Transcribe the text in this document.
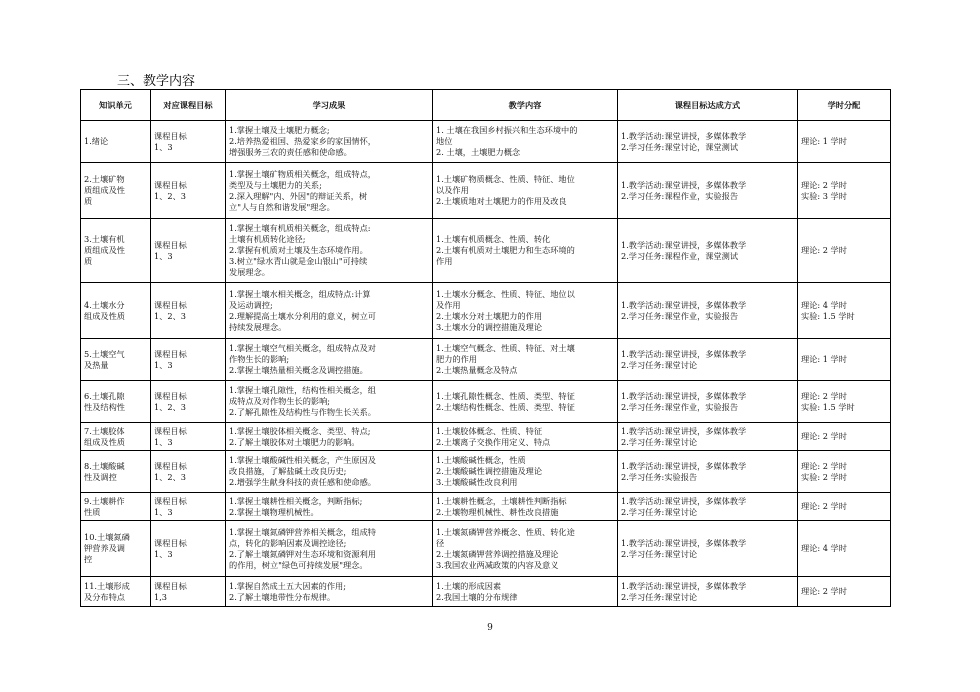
三、教学内容
知识单元	对应课程目标	学习成果	教学内容	课程目标达成方式	学时分配

1.绪论	课程目标
1、3	1.掌握土壤及土壤肥力概念;
2.培养热爱祖国、热爱家乡的家国情怀，
增强服务三农的责任感和使命感。	1. 土壤在我国乡村振兴和生态环境中的
地位
2. 土壤，土壤肥力概念	1.教学活动:课堂讲授，多媒体教学
2.学习任务:课堂讨论，课堂测试	理论: 1 学时

2.土壤矿物
质组成及性
质	课程目标
1、2、3	1.掌握土壤矿物质相关概念，组成特点，
类型及与土壤肥力的关系;
2.深入理解"内、外因"的辩证关系，树
立"人与自然和谐发展"理念。	1.土壤矿物质概念、性质、特征、地位
以及作用
2.土壤质地对土壤肥力的作用及改良	1.教学活动:课堂讲授，多媒体教学
2.学习任务:课程作业，实验报告	理论: 2 学时
实验: 3 学时

3.土壤有机
质组成及性
质	课程目标
1、3	1.掌握土壤有机质相关概念，组成特点:
土壤有机质转化途径;
2.掌握有机质对土壤及生态环境作用。
3.树立"绿水青山就是金山银山"可持续
发展理念。	1.土壤有机质概念、性质、转化
2.土壤有机质对土壤肥力和生态环境的
作用	1.教学活动:课堂讲授，多媒体教学
2.学习任务:课程作业，课堂测试	理论: 2 学时

4.土壤水分
组成及性质	课程目标
1、2、3	1.掌握土壤水相关概念，组成特点:计算
及运动调控;
2.理解提高土壤水分利用的意义，树立可
持续发展理念。	1.土壤水分概念、性质、特征、地位以
及作用
2.土壤水分对土壤肥力的作用
3.土壤水分的调控措施及理论	1.教学活动:课堂讲授，多媒体教学
2.学习任务:课堂作业，实验报告	理论: 4 学时
实验: 1.5 学时

5.土壤空气
及热量	课程目标
1、3	1.掌握土壤空气相关概念，组成特点及对
作物生长的影响;
2.掌握土壤热量相关概念及调控措施。	1.土壤空气概念、性质、特征、对土壤
肥力的作用
2.土壤热量概念及特点	1.教学活动:课堂讲授，多媒体教学
2.学习任务:课堂讨论	理论: 1 学时

6.土壤孔隙
性及结构性	课程目标
1、2、3	1.掌握土壤孔隙性，结构性相关概念，组
成特点及对作物生长的影响;
2.了解孔隙性及结构性与作物生长关系。	1.土壤孔隙性概念、性质、类型、特征
2.土壤结构性概念、性质、类型、特征	1.教学活动:课堂讲授，多媒体教学
2.学习任务:课堂作业，实验报告	理论: 2 学时
实验: 1.5 学时

7.土壤胶体
组成及性质	课程目标
1、3	1.掌握土壤胶体相关概念、类型、特点;
2.了解土壤胶体对土壤肥力的影响。	1.土壤胶体概念、性质、特征
2.土壤离子交换作用定义、特点	1.教学活动:课堂讲授，多媒体教学
2.学习任务:课堂讨论	理论: 2 学时

8.土壤酸碱
性及调控	课程目标
1、2、3	1.掌握土壤酸碱性相关概念，产生原因及
改良措施，了解盐碱土改良历史;
2.增强学生献身科技的责任感和使命感。	1.土壤酸碱性概念，性质
2.土壤酸碱性调控措施及理论
3.土壤酸碱性改良利用	1.教学活动:课堂讲授，多媒体教学
2.学习任务:实验报告	理论: 2 学时
实验: 2 学时

9.土壤耕作
性质	课程目标
1、3	1.掌握土壤耕性相关概念，判断指标;
2.掌握土壤物理机械性。	1.土壤耕性概念，土壤耕性判断指标
2.土壤物理机械性、耕性改良措施	1.教学活动:课堂讲授，多媒体教学
2.学习任务:课堂讨论	理论: 2 学时

10.土壤氮磷
钾营养及调
控	课程目标
1、3	1.掌握土壤氮磷钾营养相关概念，组成特
点，转化的影响因素及调控途径;
2.了解土壤氮磷钾对生态环境和资源利用
的作用，树立"绿色可持续发展"理念。	1.土壤氮磷钾营养概念、性质、转化途
径
2.土壤氮磷钾营养调控措施及理论
3.我国农业两减政策的内容及意义	1.教学活动:课堂讲授，多媒体教学
2.学习任务:课堂讨论	理论: 4 学时

11.土壤形成
及分布特点	课程目标
1,3	1.掌握自然成土五大因素的作用;
2.了解土壤地带性分布规律。	1.土壤的形成因素
2.我国土壤的分布规律	1.教学活动:课堂讲授，多媒体教学
2.学习任务:课堂讨论	理论: 2 学时
9
